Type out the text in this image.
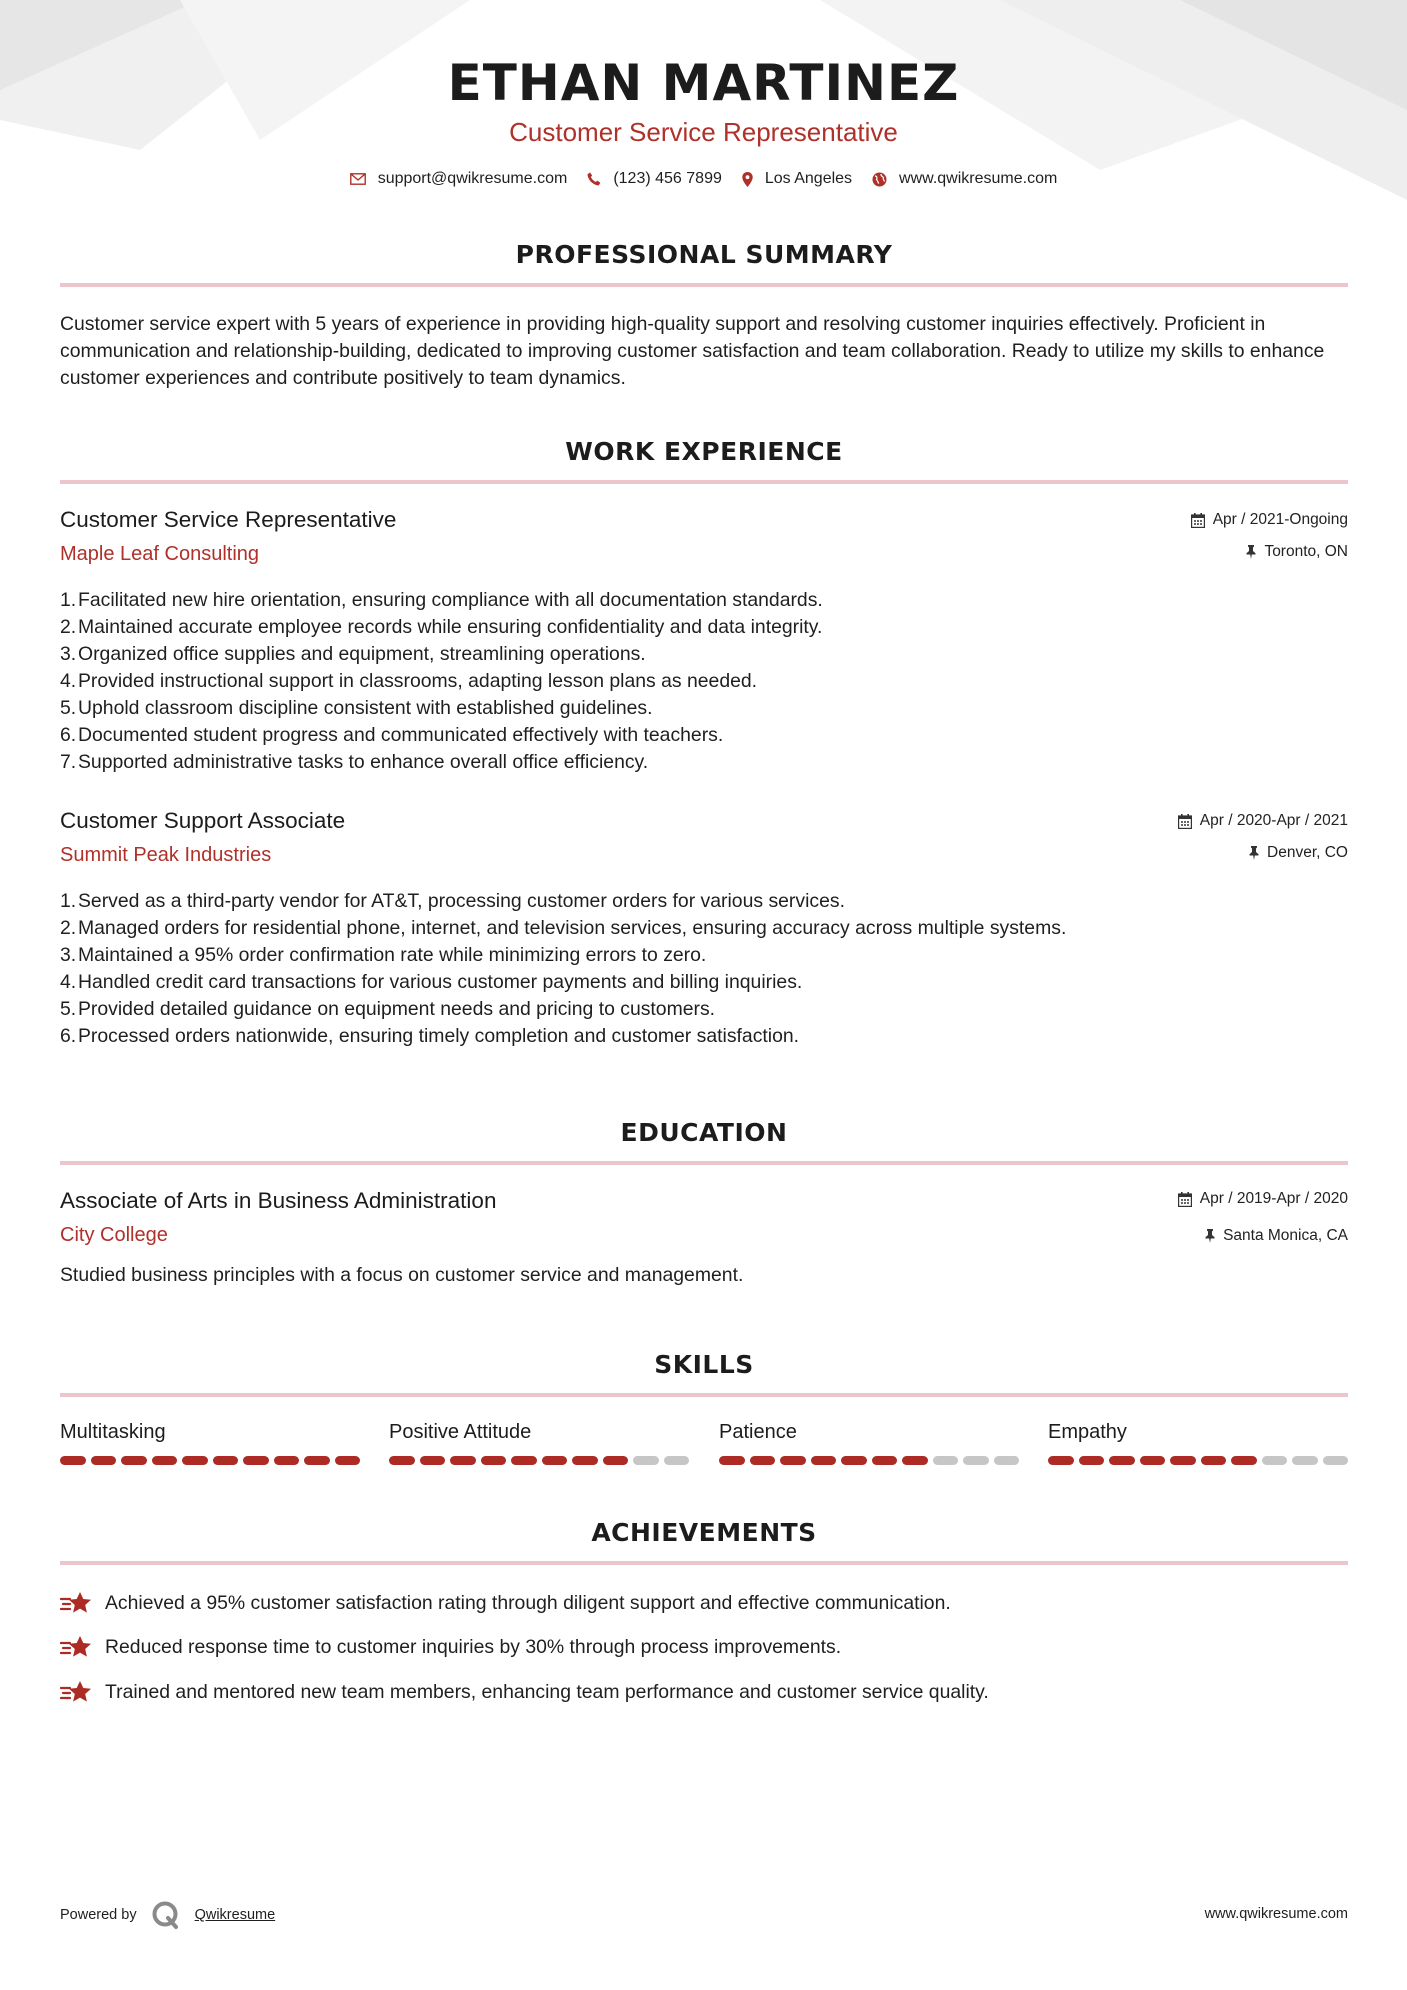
ETHAN MARTINEZ
Customer Service Representative
support@qwikresume.com	(123) 456 7899	Los Angeles	www.qwikresume.com
PROFESSIONAL SUMMARY
Customer service expert with 5 years of experience in providing high-quality support and resolving customer inquiries effectively. Proficient in communication and relationship-building, dedicated to improving customer satisfaction and team collaboration. Ready to utilize my skills to enhance customer experiences and contribute positively to team dynamics.
WORK EXPERIENCE
Customer Service Representative
Maple Leaf Consulting
Apr / 2021-Ongoing
Toronto, ON
1. Facilitated new hire orientation, ensuring compliance with all documentation standards.
2. Maintained accurate employee records while ensuring confidentiality and data integrity.
3. Organized office supplies and equipment, streamlining operations.
4. Provided instructional support in classrooms, adapting lesson plans as needed.
5. Uphold classroom discipline consistent with established guidelines.
6. Documented student progress and communicated effectively with teachers.
7. Supported administrative tasks to enhance overall office efficiency.
Customer Support Associate
Summit Peak Industries
Apr / 2020-Apr / 2021
Denver, CO
1. Served as a third-party vendor for AT&T, processing customer orders for various services.
2. Managed orders for residential phone, internet, and television services, ensuring accuracy across multiple systems.
3. Maintained a 95% order confirmation rate while minimizing errors to zero.
4. Handled credit card transactions for various customer payments and billing inquiries.
5. Provided detailed guidance on equipment needs and pricing to customers.
6. Processed orders nationwide, ensuring timely completion and customer satisfaction.
EDUCATION
Associate of Arts in Business Administration
City College
Apr / 2019-Apr / 2020
Santa Monica, CA
Studied business principles with a focus on customer service and management.
SKILLS
Multitasking	Positive Attitude	Patience	Empathy
ACHIEVEMENTS
Achieved a 95% customer satisfaction rating through diligent support and effective communication.
Reduced response time to customer inquiries by 30% through process improvements.
Trained and mentored new team members, enhancing team performance and customer service quality.
Powered by	Qwikresume	www.qwikresume.com
